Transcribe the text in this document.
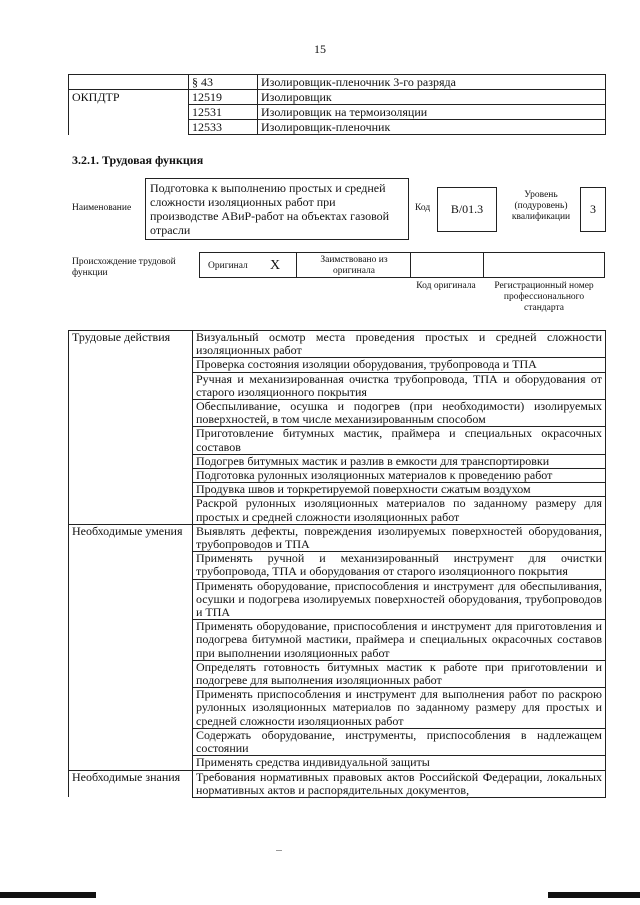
15
	§ 43	Изолировщик-пленочник 3-го разряда
ОКПДТР	12519	Изолировщик
	12531	Изолировщик на термоизоляции
	12533	Изолировщик-пленочник
3.2.1. Трудовая функция
Наименование
Подготовка к выполнению простых и средней сложности изоляционных работ при производстве АВиР-работ на объектах газовой отрасли
Код	В/01.3
Уровень (подуровень) квалификации
3
Происхождение трудовой функции
Оригинал X	Заимствовано из оригинала
Код оригинала	Регистрационный номер профессионального стандарта
Трудовые действия	Визуальный осмотр места проведения простых и средней сложности изоляционных работ
	Проверка состояния изоляции оборудования, трубопровода и ТПА
	Ручная и механизированная очистка трубопровода, ТПА и оборудования от старого изоляционного покрытия
	Обеспыливание, осушка и подогрев (при необходимости) изолируемых поверхностей, в том числе механизированным способом
	Приготовление битумных мастик, праймера и специальных окрасочных составов
	Подогрев битумных мастик и разлив в емкости для транспортировки
	Подготовка рулонных изоляционных материалов к проведению работ
	Продувка швов и торкретируемой поверхности сжатым воздухом
	Раскрой рулонных изоляционных материалов по заданному размеру для простых и средней сложности изоляционных работ
Необходимые умения	Выявлять дефекты, повреждения изолируемых поверхностей оборудования, трубопроводов и ТПА
	Применять ручной и механизированный инструмент для очистки трубопровода, ТПА и оборудования от старого изоляционного покрытия
	Применять оборудование, приспособления и инструмент для обеспыливания, осушки и подогрева изолируемых поверхностей оборудования, трубопроводов и ТПА
	Применять оборудование, приспособления и инструмент для приготовления и подогрева битумной мастики, праймера и специальных окрасочных составов при выполнении изоляционных работ
	Определять готовность битумных мастик к работе при приготовлении и подогреве для выполнения изоляционных работ
	Применять приспособления и инструмент для выполнения работ по раскрою рулонных изоляционных материалов по заданному размеру для простых и средней сложности изоляционных работ
	Содержать оборудование, инструменты, приспособления в надлежащем состоянии
	Применять средства индивидуальной защиты
Необходимые знания	Требования нормативных правовых актов Российской Федерации, локальных нормативных актов и распорядительных документов,
